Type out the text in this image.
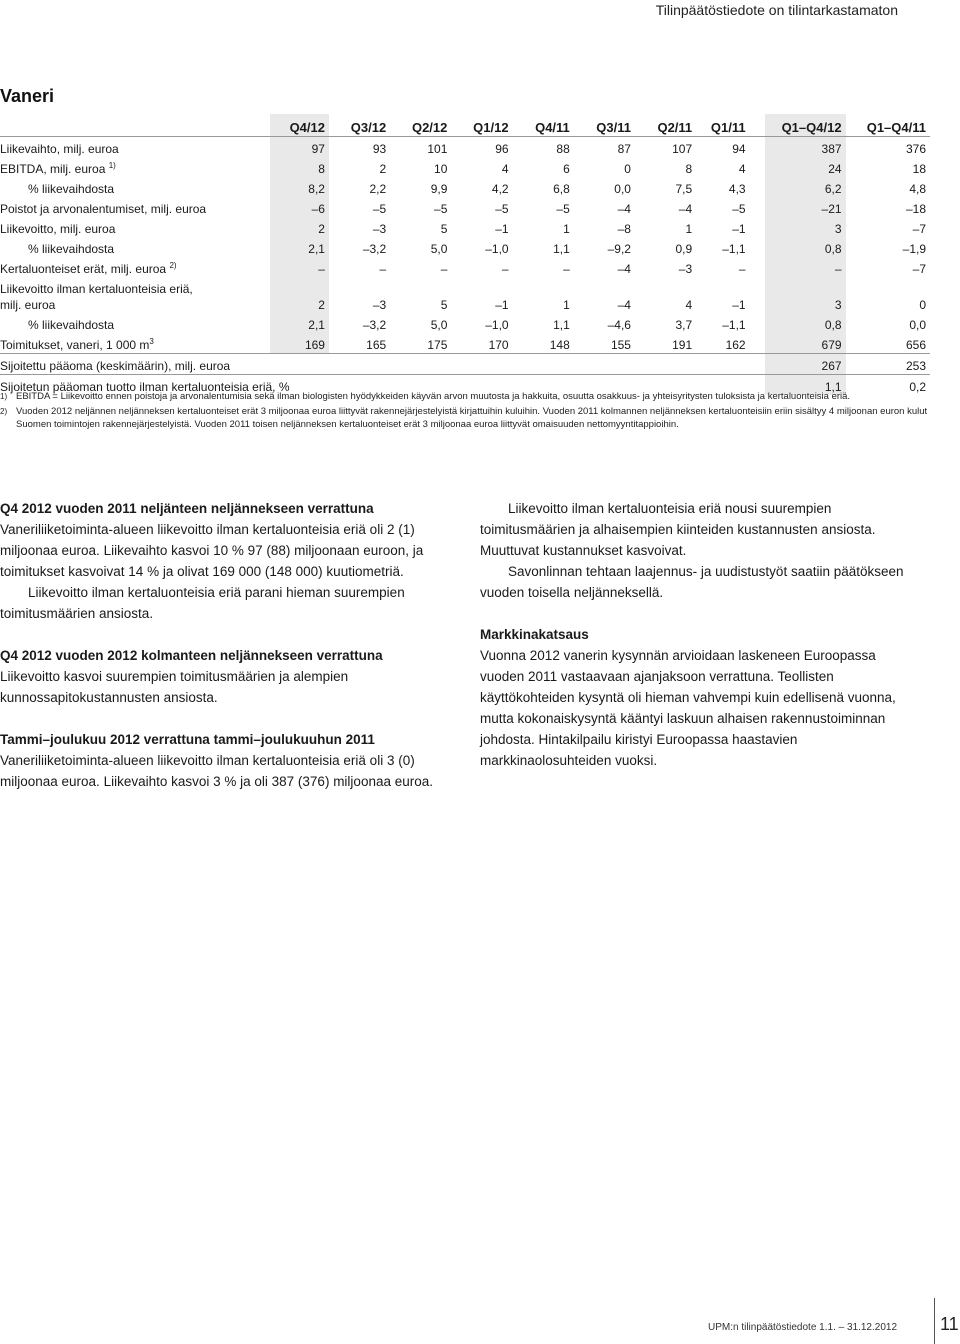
Tilinpäätöstiedote on tilintarkastamaton
Vaneri
	Q4/12	Q3/12	Q2/12	Q1/12	Q4/11	Q3/11	Q2/11	Q1/11		Q1–Q4/12	Q1–Q4/11
Liikevaihto, milj. euroa	97	93	101	96	88	87	107	94		387	376
EBITDA, milj. euroa $^{1)}$	8	2	10	4	6	0	8	4		24	18
% liikevaihdosta	8,2	2,2	9,9	4,2	6,8	0,0	7,5	4,3		6,2	4,8
Poistot ja arvonalentumiset, milj. euroa	–6	–5	–5	–5	–5	–4	–4	–5		–21	–18
Liikevoitto, milj. euroa	2	–3	5	–1	1	–8	1	–1		3	–7
% liikevaihdosta	2,1	–3,2	5,0	–1,0	1,1	–9,2	0,9	–1,1		0,8	–1,9
Kertaluonteiset erät, milj. euroa $^{2)}$	–	–	–	–	–	–4	–3	–		–	–7
Liikevoitto ilman kertaluonteisia eriä,
milj. euroa	2	–3	5	–1	1	–4	4	–1		3	0
% liikevaihdosta	2,1	–3,2	5,0	–1,0	1,1	–4,6	3,7	–1,1		0,8	0,0
Toimitukset, vaneri, 1 000 $m^3$	169	165	175	170	148	155	191	162		679	656
Sijoitettu pääoma (keskimäärin), milj. euroa										267	253
Sijoitetun pääoman tuotto ilman kertaluonteisia eriä, %										1,1	0,2
1) EBITDA = Liikevoitto ennen poistoja ja arvonalentumisia sekä ilman biologisten hyödykkeiden käyvän arvon muutosta ja hakkuita, osuutta osakkuus- ja yhteisyritysten tuloksista ja kertaluonteisia eriä.
2) Vuoden 2012 neljännen neljänneksen kertaluonteiset erät 3 miljoonaa euroa liittyvät rakennejärjestelyistä kirjattuihin kuluihin. Vuoden 2011 kolmannen neljänneksen kertaluonteisiin eriin sisältyy 4 miljoonan euron kulut Suomen toimintojen rakennejärjestelyistä. Vuoden 2011 toisen neljänneksen kertaluonteiset erät 3 miljoonaa euroa liittyvät omaisuuden nettomyyntitappioihin.
Q4 2012 vuoden 2011 neljänteen neljännekseen verrattuna

Vaneriliiketoiminta-alueen liikevoitto ilman kertaluonteisia eriä oli 2 (1) miljoonaa euroa. Liikevaihto kasvoi 10 % 97 (88) miljoonaan euroon, ja toimitukset kasvoivat 14 % ja olivat 169 000 (148 000) kuutiometriä.

Liikevoitto ilman kertaluonteisia eriä parani hieman suurempien toimitusmäärien ansiosta.

Q4 2012 vuoden 2012 kolmanteen neljännekseen verrattuna

Liikevoitto kasvoi suurempien toimitusmäärien ja alempien kunnossapitokustannusten ansiosta.

Tammi–joulukuu 2012 verrattuna tammi–joulukuuhun 2011

Vaneriliiketoiminta-alueen liikevoitto ilman kertaluonteisia eriä oli 3 (0) miljoonaa euroa. Liikevaihto kasvoi 3 % ja oli 387 (376) miljoonaa euroa.

Liikevoitto ilman kertaluonteisia eriä nousi suurempien toimitusmäärien ja alhaisempien kiinteiden kustannusten ansiosta. Muuttuvat kustannukset kasvoivat.

Savonlinnan tehtaan laajennus- ja uudistustyöt saatiin päätökseen vuoden toisella neljänneksellä.

Markkinakatsaus

Vuonna 2012 vanerin kysynnän arvioidaan laskeneen Euroopassa vuoden 2011 vastaavaan ajanjaksoon verrattuna. Teollisten käyttökohteiden kysyntä oli hieman vahvempi kuin edellisenä vuonna, mutta kokonaiskysyntä kääntyi laskuun alhaisen rakennustoiminnan johdosta. Hintakilpailu kiristyi Euroopassa haastavien markkinaolosuhteiden vuoksi.

UPM:n tilinpäätöstiedote 1.1. – 31.12.2012 11
